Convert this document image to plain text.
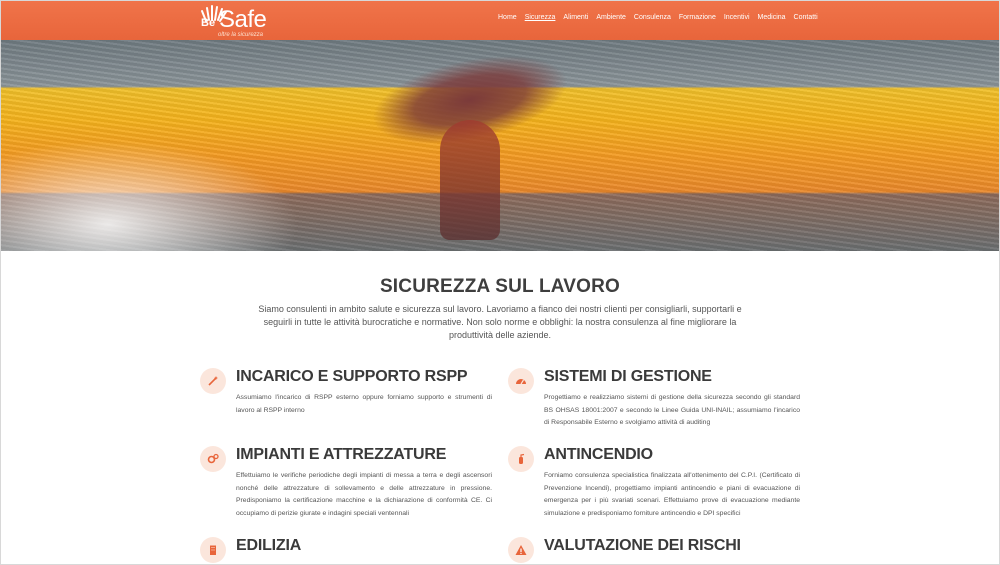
Be Safe
oltre la sicurezza
Home Sicurezza Alimenti Ambiente Consulenza Formazione Incentivi Medicina Contatti
SICUREZZA SUL LAVORO

Siamo consulenti in ambito salute e sicurezza sul lavoro. Lavoriamo a fianco dei nostri clienti per consigliarli, supportarli e seguirli in tutte le attività burocratiche e normative. Non solo norme e obblighi: la nostra consulenza al fine migliorare la produttività delle aziende.

INCARICO E SUPPORTO RSPP
Assumiamo l'incarico di RSPP esterno oppure forniamo supporto e strumenti di lavoro al RSPP interno
SISTEMI DI GESTIONE
Progettiamo e realizziamo sistemi di gestione della sicurezza secondo gli standard BS OHSAS 18001:2007 e secondo le Linee Guida UNI-INAIL; assumiamo l'incarico di Responsabile Esterno e svolgiamo attività di auditing
IMPIANTI E ATTREZZATURE
Effettuiamo le verifiche periodiche degli impianti di messa a terra e degli ascensori nonché delle attrezzature di sollevamento e delle attrezzature in pressione. Predisponiamo la certificazione macchine e la dichiarazione di conformità CE. Ci occupiamo di perizie giurate e indagini speciali ventennali
ANTINCENDIO
Forniamo consulenza specialistica finalizzata all'ottenimento del C.P.I. (Certificato di Prevenzione Incendi), progettiamo impianti antincendio e piani di evacuazione di emergenza per i più svariati scenari. Effettuiamo prove di evacuazione mediante simulazione e predisponiamo forniture antincendio e DPI specifici
EDILIZIA	VALUTAZIONE DEI RISCHI
